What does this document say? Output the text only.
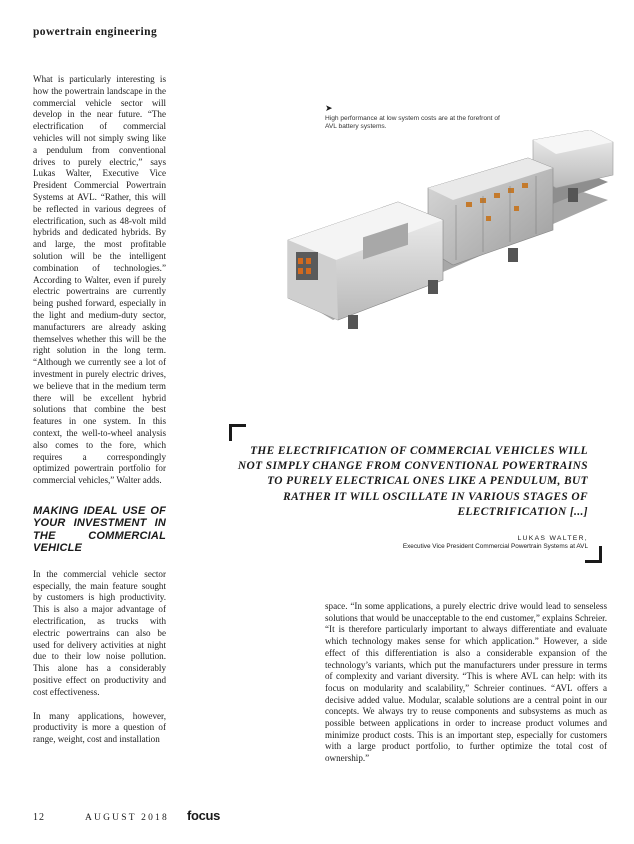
powertrain engineering

What is particularly interesting is how the powertrain landscape in the commercial vehicle sector will develop in the near future. “The electrification of commercial vehicles will not simply swing like a pendulum from conventional drives to purely electric,” says Lukas Walter, Executive Vice President Commercial Powertrain Systems at AVL. “Rather, this will be reflected in various degrees of electrification, such as 48-volt mild hybrids and dedicated hybrids. By and large, the most profitable solution will be the intelligent combination of technologies.” According to Walter, even if purely electric powertrains are currently being pushed forward, especially in the light and medium-duty sector, manufacturers are already asking themselves whether this will be the right solution in the long term. “Although we currently see a lot of investment in purely electric drives, we believe that in the medium term there will be excellent hybrid solutions that combine the best features in one system. In this context, the well-to-wheel analysis also comes to the fore, which requires a correspondingly optimized powertrain portfolio for commercial vehicles,” Walter adds.

MAKING IDEAL USE OF YOUR INVESTMENT IN THE COMMERCIAL VEHICLE

In the commercial vehicle sector especially, the main feature sought by customers is high productivity. This is also a major advantage of electrification, as trucks with electric powertrains can also be used for delivery activities at night due to their low noise pollution. This alone has a considerably positive effect on productivity and cost effectiveness.

In many applications, however, productivity is more a question of range, weight, cost and installation

➤
High performance at low system costs are at the forefront of AVL battery systems.
THE ELECTRIFICATION OF COMMERCIAL VEHICLES WILL NOT SIMPLY CHANGE FROM CONVENTIONAL POWERTRAINS TO PURELY ELECTRICAL ONES LIKE A PENDULUM, BUT RATHER IT WILL OSCILLATE IN VARIOUS STAGES OF ELECTRIFICATION [...]
LUKAS WALTER,
Executive Vice President Commercial Powertrain Systems at AVL

space. “In some applications, a purely electric drive would lead to senseless solutions that would be unacceptable to the end customer,” explains Schreier. “It is therefore particularly important to always differentiate and evaluate which technology makes sense for which application.” However, a side effect of this differentiation is also a considerable expansion of the technology’s variants, which put the manufacturers under pressure in terms of complexity and variant diversity. “This is where AVL can help: with its focus on modularity and scalability,” Schreier continues. “AVL offers a decisive added value. Modular, scalable solutions are a central point in our concepts. We always try to reuse components and subsystems as much as possible between applications in order to increase product volumes and minimize product costs. This is an important step, especially for customers with a large product portfolio, to further optimize the total cost of ownership.”

12	AUGUST 2018 focus
